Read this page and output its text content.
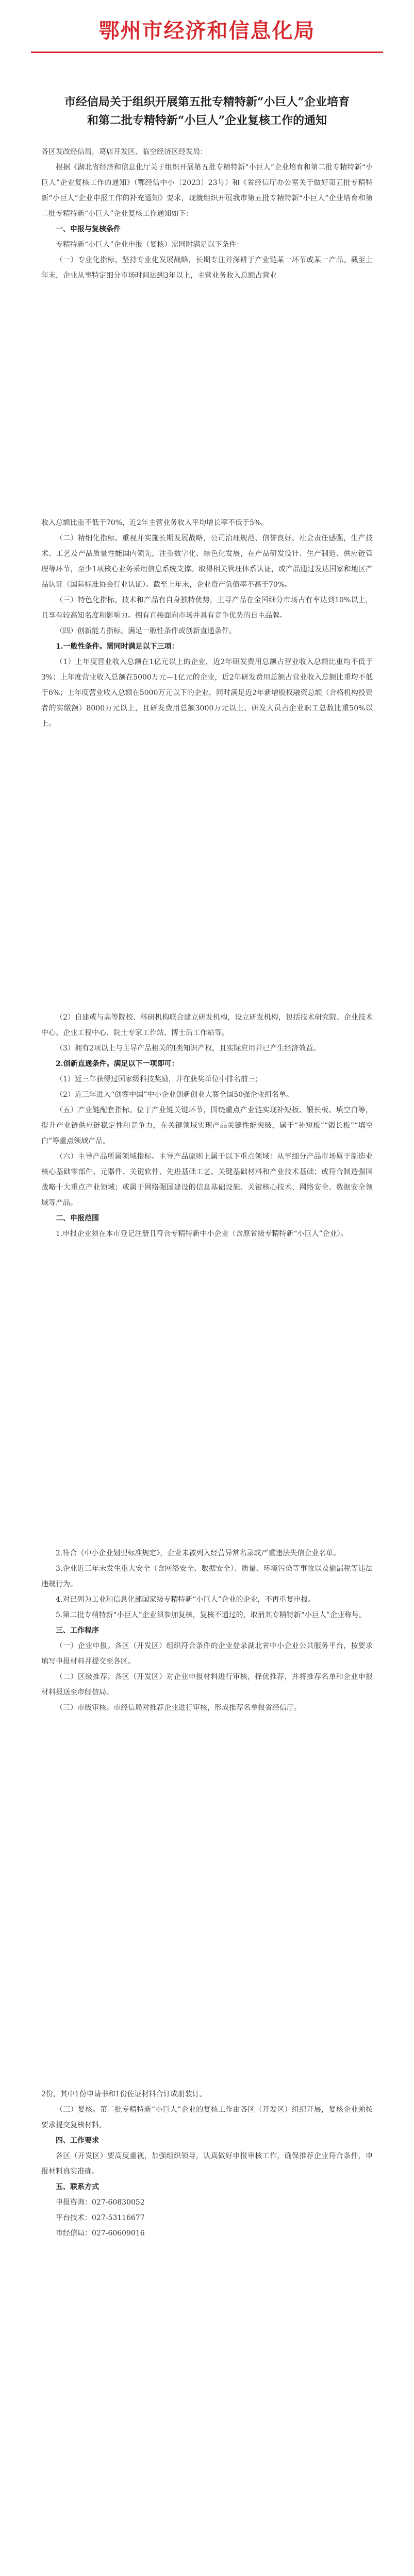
鄂州市经济和信息化局
市经信局关于组织开展第五批专精特新“小巨人”企业培育和第二批专精特新“小巨人”企业复核工作的通知

各区发改经信局，葛店开发区、临空经济区经发局：

根据《湖北省经济和信息化厅关于组织开展第五批专精特新“小巨人”企业培育和第二批专精特新“小巨人”企业复核工作的通知》（鄂经信中小〔2023〕23号）和《省经信厅办公室关于做好第五批专精特新“小巨人”企业申报工作的补充通知》要求，现就组织开展我市第五批专精特新“小巨人”企业培育和第二批专精特新“小巨人”企业复核工作通知如下：

一、申报与复核条件

专精特新“小巨人”企业申报（复核）需同时满足以下条件：

（一）专业化指标。坚持专业化发展战略，长期专注并深耕于产业链某一环节或某一产品。截至上年末，企业从事特定细分市场时间达到3年以上，主营业务收入总额占营业

收入总额比重不低于70%，近2年主营业务收入平均增长率不低于5%。

（二）精细化指标。重视并实施长期发展战略，公司治理规范、信誉良好、社会责任感强，生产技术、工艺及产品质量性能国内领先，注重数字化、绿色化发展，在产品研发设计、生产制造、供应链管理等环节，至少1项核心业务采用信息系统支撑。取得相关管理体系认证，或产品通过发达国家和地区产品认证（国际标准协会行业认证）。截至上年末，企业资产负债率不高于70%。

（三）特色化指标。技术和产品有自身独特优势，主导产品在全国细分市场占有率达到10%以上，且享有较高知名度和影响力。拥有直接面向市场并具有竞争优势的自主品牌。

（四）创新能力指标。满足一般性条件或创新直通条件。

1.一般性条件。需同时满足以下三项：

（1）上年度营业收入总额在1亿元以上的企业，近2年研发费用总额占营业收入总额比重均不低于3%；上年度营业收入总额在5000万元—1亿元的企业，近2年研发费用总额占营业收入总额比重均不低于6%；上年度营业收入总额在5000万元以下的企业，同时满足近2年新增股权融资总额（合格机构投资者的实缴额）8000万元以上，且研发费用总额3000万元以上、研发人员占企业职工总数比重50%以上。

（2）自建或与高等院校、科研机构联合建立研发机构，设立研发机构，包括技术研究院、企业技术中心、企业工程中心、院士专家工作站、博士后工作站等。

（3）拥有2项以上与主导产品相关的Ⅰ类知识产权，且实际应用并已产生经济效益。

2.创新直通条件。满足以下一项即可：

（1）近三年获得过国家级科技奖励，并在获奖单位中排名前三；

（2）近三年进入“创客中国”中小企业创新创业大赛全国50强企业组名单。

（五）产业链配套指标。位于产业链关键环节，围绕重点产业链实现补短板、锻长板、填空白等，提升产业链供应链稳定性和竞争力，在关键领域实现产品关键性能突破，属于“补短板”“锻长板”“填空白”等重点领域产品。

（六）主导产品所属领域指标。主导产品原则上属于以下重点领域：从事细分产品市场属于制造业核心基础零部件、元器件、关键软件、先进基础工艺、关键基础材料和产业技术基础；或符合制造强国战略十大重点产业领域；或属于网络强国建设的信息基础设施、关键核心技术、网络安全、数据安全领域等产品。

二、申报范围

1.申报企业须在本市登记注册且符合专精特新中小企业（含原省级专精特新“小巨人”企业）。

2.符合《中小企业划型标准规定》，企业未被列入经营异常名录或严重违法失信企业名单。

3.企业近三年未发生重大安全（含网络安全、数据安全）、质量、环境污染等事故以及偷漏税等违法违规行为。

4.对已列为工业和信息化部国家级专精特新“小巨人”企业的企业，不再重复申报。

5.第二批专精特新“小巨人”企业须参加复核，复核不通过的，取消其专精特新“小巨人”企业称号。

三、工作程序

（一）企业申报。各区（开发区）组织符合条件的企业登录湖北省中小企业公共服务平台，按要求填写申报材料并提交至各区。

（二）区级推荐。各区（开发区）对企业申报材料进行审核，择优推荐，并将推荐名单和企业申报材料报送至市经信局。

（三）市级审核。市经信局对推荐企业进行审核，形成推荐名单报省经信厅。

2份，其中1份申请书和1份佐证材料合订成册装订。

（三）复核。第二批专精特新“小巨人”企业的复核工作由各区（开发区）组织开展，复核企业须按要求提交复核材料。

四、工作要求

各区（开发区）要高度重视，加强组织领导，认真做好申报审核工作，确保推荐企业符合条件，申报材料真实准确。

五、联系方式

申报咨询：027-60830052

平台技术：027-53116677

市经信局：027-60609016
